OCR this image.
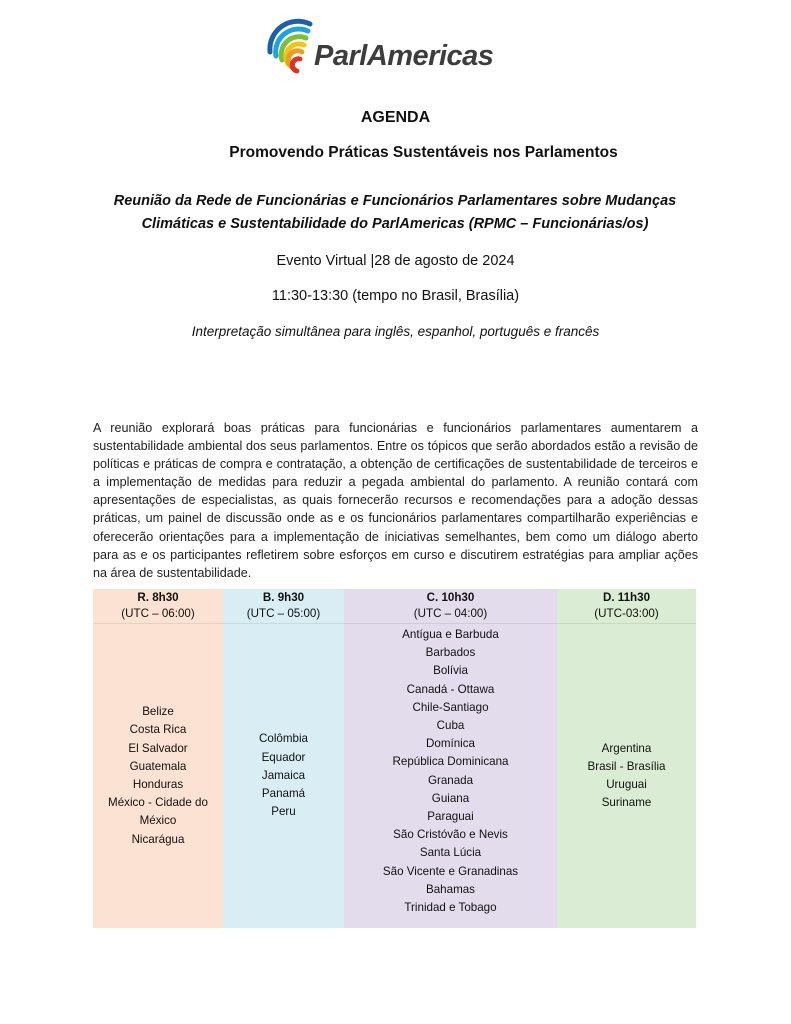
ParlAmericas
AGENDA
Promovendo Práticas Sustentáveis nos Parlamentos
Reunião da Rede de Funcionárias e Funcionários Parlamentares sobre Mudanças
Climáticas e Sustentabilidade do ParlAmericas (RPMC – Funcionárias/os)
Evento Virtual |28 de agosto de 2024
11:30-13:30 (tempo no Brasil, Brasília)
Interpretação simultânea para inglês, espanhol, português e francês
A reunião explorará boas práticas para funcionárias e funcionários parlamentares aumentarem a sustentabilidade ambiental dos seus parlamentos. Entre os tópicos que serão abordados estão a revisão de políticas e práticas de compra e contratação, a obtenção de certificações de sustentabilidade de terceiros e a implementação de medidas para reduzir a pegada ambiental do parlamento. A reunião contará com apresentações de especialistas, as quais fornecerão recursos e recomendações para a adoção dessas práticas, um painel de discussão onde as e os funcionários parlamentares compartilharão experiências e oferecerão orientações para a implementação de iniciativas semelhantes, bem como um diálogo aberto para as e os participantes refletirem sobre esforços em curso e discutirem estratégias para ampliar ações na área de sustentabilidade.
R. 8h30
(UTC – 06:00)
Belize
Costa Rica
El Salvador
Guatemala
Honduras
México - Cidade do
México
Nicarágua
B. 9h30
(UTC – 05:00)
Colômbia
Equador
Jamaica
Panamá
Peru
C. 10h30
(UTC – 04:00)
Antígua e Barbuda
Barbados
Bolívia
Canadá - Ottawa
Chile-Santiago
Cuba
Domínica
República Dominicana
Granada
Guiana
Paraguai
São Cristóvão e Nevis
Santa Lúcia
São Vicente e Granadinas
Bahamas
Trinidad e Tobago
D. 11h30
(UTC-03:00)
Argentina
Brasil - Brasília
Uruguai
Suriname
